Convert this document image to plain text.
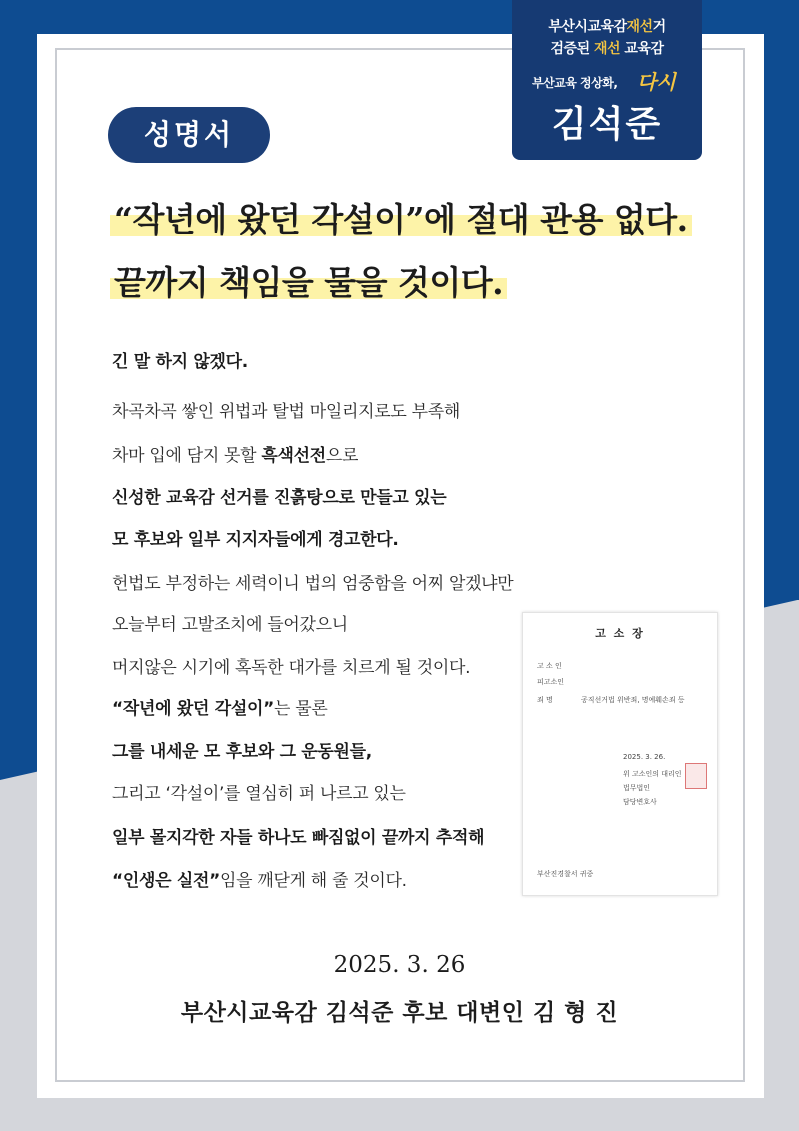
부산시교육감재선거
검증된 재선 교육감
부산교육 정상화, 다시
김석준
성명서
“작년에 왔던 각설이”에 절대 관용 없다.
끝까지 책임을 물을 것이다.
긴 말 하지 않겠다.
차곡차곡 쌓인 위법과 탈법 마일리지로도 부족해
차마 입에 담지 못할 흑색선전으로
신성한 교육감 선거를 진흙탕으로 만들고 있는
모 후보와 일부 지지자들에게 경고한다.
헌법도 부정하는 세력이니 법의 엄중함을 어찌 알겠냐만
오늘부터 고발조치에 들어갔으니
머지않은 시기에 혹독한 대가를 치르게 될 것이다.
“작년에 왔던 각설이”는 물론
그를 내세운 모 후보와 그 운동원들,
그리고 ‘각설이’를 열심히 퍼 나르고 있는
일부 몰지각한 자들 하나도 빠짐없이 끝까지 추적해
“인생은 실전”임을 깨닫게 해 줄 것이다.
고 소 장
고 소 인
피고소인
죄 명	공직선거법 위반죄, 명예훼손죄 등
2025. 3. 26.
위 고소인의 대리인
법무법인
담당변호사
부산진경찰서 귀중
2025. 3. 26
부산시교육감 김석준 후보 대변인 김 형 진
